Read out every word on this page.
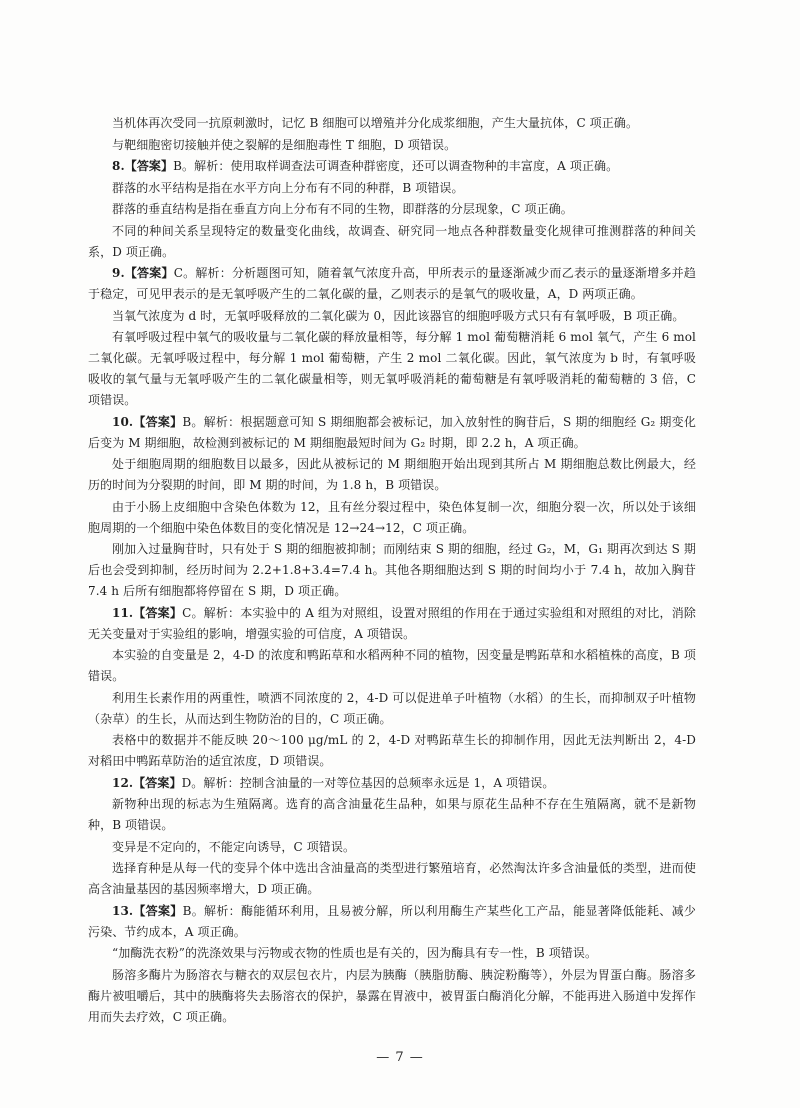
当机体再次受同一抗原刺激时，记忆 B 细胞可以增殖并分化成浆细胞，产生大量抗体，C 项正确。

与靶细胞密切接触并使之裂解的是细胞毒性 T 细胞，D 项错误。

8.【答案】B。解析：使用取样调查法可调查种群密度，还可以调查物种的丰富度，A 项正确。

群落的水平结构是指在水平方向上分布有不同的种群，B 项错误。

群落的垂直结构是指在垂直方向上分布有不同的生物，即群落的分层现象，C 项正确。

不同的种间关系呈现特定的数量变化曲线，故调查、研究同一地点各种群数量变化规律可推测群落的种间关系，D 项正确。

9.【答案】C。解析：分析题图可知，随着氧气浓度升高，甲所表示的量逐渐减少而乙表示的量逐渐增多并趋于稳定，可见甲表示的是无氧呼吸产生的二氧化碳的量，乙则表示的是氧气的吸收量，A，D 两项正确。

当氧气浓度为 d 时，无氧呼吸释放的二氧化碳为 0，因此该器官的细胞呼吸方式只有有氧呼吸，B 项正确。

有氧呼吸过程中氧气的吸收量与二氧化碳的释放量相等，每分解 1 mol 葡萄糖消耗 6 mol 氧气，产生 6 mol 二氧化碳。无氧呼吸过程中，每分解 1 mol 葡萄糖，产生 2 mol 二氧化碳。因此，氧气浓度为 b 时，有氧呼吸吸收的氧气量与无氧呼吸产生的二氧化碳量相等，则无氧呼吸消耗的葡萄糖是有氧呼吸消耗的葡萄糖的 3 倍，C 项错误。

10.【答案】B。解析：根据题意可知 S 期细胞都会被标记，加入放射性的胸苷后，S 期的细胞经 G₂ 期变化后变为 M 期细胞，故检测到被标记的 M 期细胞最短时间为 G₂ 时期，即 2.2 h，A 项正确。

处于细胞周期的细胞数目以最多，因此从被标记的 M 期细胞开始出现到其所占 M 期细胞总数比例最大，经历的时间为分裂期的时间，即 M 期的时间，为 1.8 h，B 项错误。

由于小肠上皮细胞中含染色体数为 12，且有丝分裂过程中，染色体复制一次，细胞分裂一次，所以处于该细胞周期的一个细胞中染色体数目的变化情况是 12→24→12，C 项正确。

刚加入过量胸苷时，只有处于 S 期的细胞被抑制；而刚结束 S 期的细胞，经过 G₂，M，G₁ 期再次到达 S 期后也会受到抑制，经历时间为 2.2+1.8+3.4=7.4 h。其他各期细胞达到 S 期的时间均小于 7.4 h，故加入胸苷 7.4 h 后所有细胞都将停留在 S 期，D 项正确。

11.【答案】C。解析：本实验中的 A 组为对照组，设置对照组的作用在于通过实验组和对照组的对比，消除无关变量对于实验组的影响，增强实验的可信度，A 项错误。

本实验的自变量是 2，4-D 的浓度和鸭跖草和水稻两种不同的植物，因变量是鸭跖草和水稻植株的高度，B 项错误。

利用生长素作用的两重性，喷洒不同浓度的 2，4-D 可以促进单子叶植物（水稻）的生长，而抑制双子叶植物（杂草）的生长，从而达到生物防治的目的，C 项正确。

表格中的数据并不能反映 20～100 μg/mL 的 2，4-D 对鸭跖草生长的抑制作用，因此无法判断出 2，4-D 对稻田中鸭跖草防治的适宜浓度，D 项错误。

12.【答案】D。解析：控制含油量的一对等位基因的总频率永远是 1，A 项错误。

新物种出现的标志为生殖隔离。选育的高含油量花生品种，如果与原花生品种不存在生殖隔离，就不是新物种，B 项错误。

变异是不定向的，不能定向诱导，C 项错误。

选择育种是从每一代的变异个体中选出含油量高的类型进行繁殖培育，必然淘汰许多含油量低的类型，进而使高含油量基因的基因频率增大，D 项正确。

13.【答案】B。解析：酶能循环利用，且易被分解，所以利用酶生产某些化工产品，能显著降低能耗、减少污染、节约成本，A 项正确。

“加酶洗衣粉”的洗涤效果与污物或衣物的性质也是有关的，因为酶具有专一性，B 项错误。

肠溶多酶片为肠溶衣与糖衣的双层包衣片，内层为胰酶（胰脂肪酶、胰淀粉酶等），外层为胃蛋白酶。肠溶多酶片被咀嚼后，其中的胰酶将失去肠溶衣的保护，暴露在胃液中，被胃蛋白酶消化分解，不能再进入肠道中发挥作用而失去疗效，C 项正确。

— 7 —
